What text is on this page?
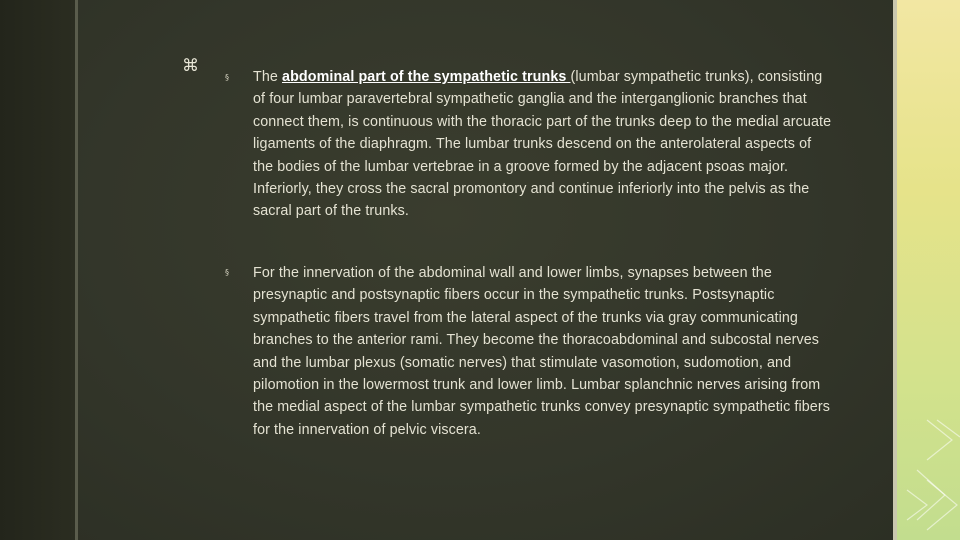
⌘
§ The abdominal part of the sympathetic trunks (lumbar sympathetic trunks), consisting of four lumbar paravertebral sympathetic ganglia and the interganglionic branches that connect them, is continuous with the thoracic part of the trunks deep to the medial arcuate ligaments of the diaphragm. The lumbar trunks descend on the anterolateral aspects of the bodies of the lumbar vertebrae in a groove formed by the adjacent psoas major. Inferiorly, they cross the sacral promontory and continue inferiorly into the pelvis as the sacral part of the trunks.

§ For the innervation of the abdominal wall and lower limbs, synapses between the presynaptic and postsynaptic fibers occur in the sympathetic trunks. Postsynaptic sympathetic fibers travel from the lateral aspect of the trunks via gray communicating branches to the anterior rami. They become the thoracoabdominal and subcostal nerves and the lumbar plexus (somatic nerves) that stimulate vasomotion, sudomotion, and pilomotion in the lowermost trunk and lower limb. Lumbar splanchnic nerves arising from the medial aspect of the lumbar sympathetic trunks convey presynaptic sympathetic fibers for the innervation of pelvic viscera.
